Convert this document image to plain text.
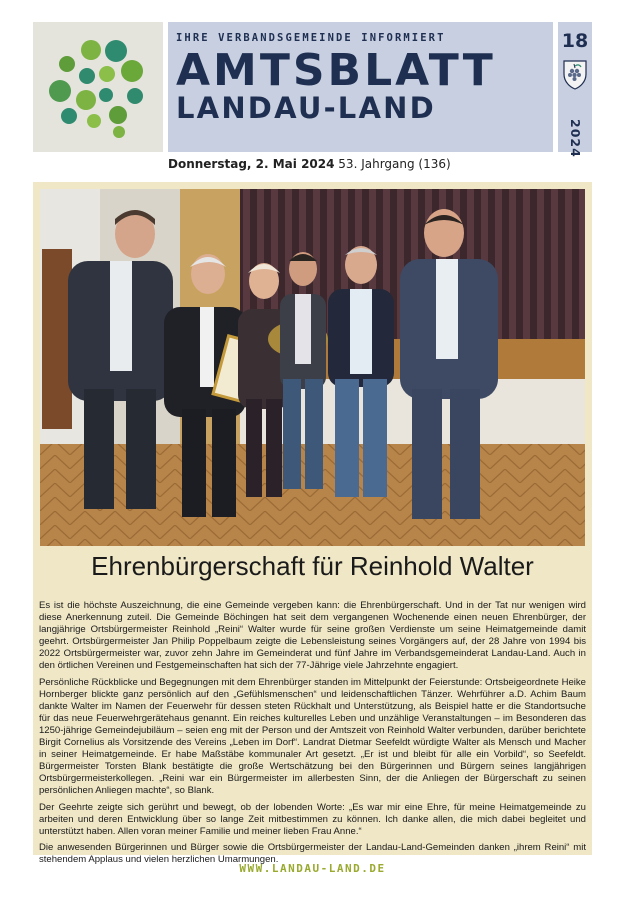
IHRE VERBANDSGEMEINDE INFORMIERT
AMTSBLATT
LANDAU-LAND
18
2024
Donnerstag, 2. Mai 2024 53. Jahrgang (136)
Ehrenbürgerschaft für Reinhold Walter

Es ist die höchste Auszeichnung, die eine Gemeinde vergeben kann: die Ehrenbürgerschaft. Und in der Tat nur wenigen wird diese Anerkennung zuteil. Die Gemeinde Böchingen hat seit dem vergangenen Wochenende einen neuen Ehrenbürger, der langjährige Ortsbürgermeister Reinhold „Reini“ Walter wurde für seine großen Verdienste um seine Heimatgemeinde damit geehrt. Ortsbürgermeister Jan Philip Poppelbaum zeigte die Lebensleistung seines Vorgängers auf, der 28 Jahre von 1994 bis 2022 Ortsbürgermeister war, zuvor zehn Jahre im Gemeinderat und fünf Jahre im Verbandsgemeinderat Landau-Land. Auch in den örtlichen Vereinen und Festgemeinschaften hat sich der 77-Jährige viele Jahrzehnte engagiert.

Persönliche Rückblicke und Begegnungen mit dem Ehrenbürger standen im Mittelpunkt der Feierstunde: Ortsbeigeordnete Heike Hornberger blickte ganz persönlich auf den „Gefühlsmenschen“ und leidenschaftlichen Tänzer. Wehrführer a.D. Achim Baum dankte Walter im Namen der Feuerwehr für dessen steten Rückhalt und Unterstützung, als Beispiel hatte er die Standortsuche für das neue Feuerwehrgerätehaus genannt. Ein reiches kulturelles Leben und unzählige Veranstaltungen – im Besonderen das 1250-jährige Gemeindejubiläum – seien eng mit der Person und der Amtszeit von Reinhold Walter verbunden, darüber berichtete Birgit Cornelius als Vorsitzende des Vereins „Leben im Dorf“. Landrat Dietmar Seefeldt würdigte Walter als Mensch und Macher in seiner Heimatgemeinde. Er habe Maßstäbe kommunaler Art gesetzt. „Er ist und bleibt für alle ein Vorbild“, so Seefeldt. Bürgermeister Torsten Blank bestätigte die große Wertschätzung bei den Bürgerinnen und Bürgern seines langjährigen Ortsbürgermeisterkollegen. „Reini war ein Bürgermeister im allerbesten Sinn, der die Anliegen der Bürgerschaft zu seinen persönlichen Anliegen machte“, so Blank.

Der Geehrte zeigte sich gerührt und bewegt, ob der lobenden Worte: „Es war mir eine Ehre, für meine Heimatgemeinde zu arbeiten und deren Entwicklung über so lange Zeit mitbestimmen zu können. Ich danke allen, die mich dabei begleitet und unterstützt haben. Allen voran meiner Familie und meiner lieben Frau Anne.“

Die anwesenden Bürgerinnen und Bürger sowie die Ortsbürgermeister der Landau-Land-Gemeinden danken „ihrem Reini“ mit stehendem Applaus und vielen herzlichen Umarmungen.

WWW.LANDAU-LAND.DE
